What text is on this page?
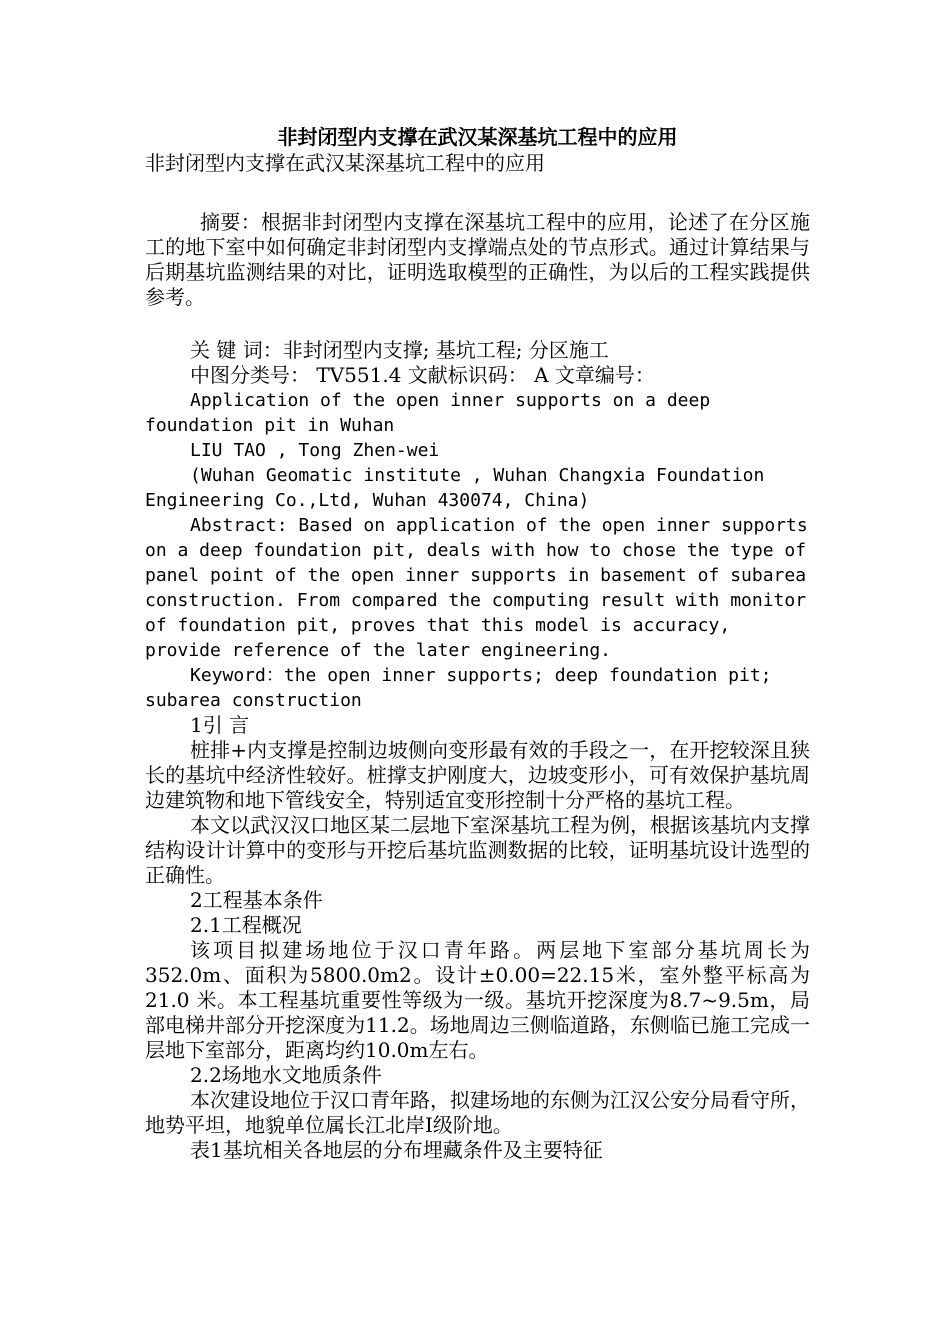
非封闭型内支撑在武汉某深基坑工程中的应用

非封闭型内支撑在武汉某深基坑工程中的应用

摘要：根据非封闭型内支撑在深基坑工程中的应用，论述了在分区施工的地下室中如何确定非封闭型内支撑端点处的节点形式。通过计算结果与后期基坑监测结果的对比，证明选取模型的正确性，为以后的工程实践提供参考。

关 键 词：非封闭型内支撑; 基坑工程; 分区施工

中图分类号： TV551.4 文献标识码： A 文章编号：

Application of the open inner supports on a deep foundation pit in Wuhan

LIU TAO , Tong Zhen-wei

(Wuhan Geomatic institute , Wuhan Changxia Foundation Engineering Co.,Ltd, Wuhan 430074, China)

Abstract: Based on application of the open inner supports on a deep foundation pit, deals with how to chose the type of panel point of the open inner supports in basement of subarea construction. From compared the computing result with monitor of foundation pit, proves that this model is accuracy, provide reference of the later engineering.

Keyword：the open inner supports; deep foundation pit; subarea construction

1引 言

桩排+内支撑是控制边坡侧向变形最有效的手段之一，在开挖较深且狭长的基坑中经济性较好。桩撑支护刚度大，边坡变形小，可有效保护基坑周边建筑物和地下管线安全，特别适宜变形控制十分严格的基坑工程。

本文以武汉汉口地区某二层地下室深基坑工程为例，根据该基坑内支撑结构设计计算中的变形与开挖后基坑监测数据的比较，证明基坑设计选型的正确性。

2工程基本条件

2.1工程概况

该项目拟建场地位于汉口青年路。两层地下室部分基坑周长为352.0m、面积为5800.0m2。设计±0.00=22.15米，室外整平标高为21.0 米。本工程基坑重要性等级为一级。基坑开挖深度为8.7~9.5m，局部电梯井部分开挖深度为11.2。场地周边三侧临道路，东侧临已施工完成一层地下室部分，距离均约10.0m左右。

2.2场地水文地质条件

本次建设地位于汉口青年路，拟建场地的东侧为江汉公安分局看守所，地势平坦，地貌单位属长江北岸Ⅰ级阶地。

表1基坑相关各地层的分布埋藏条件及主要特征
